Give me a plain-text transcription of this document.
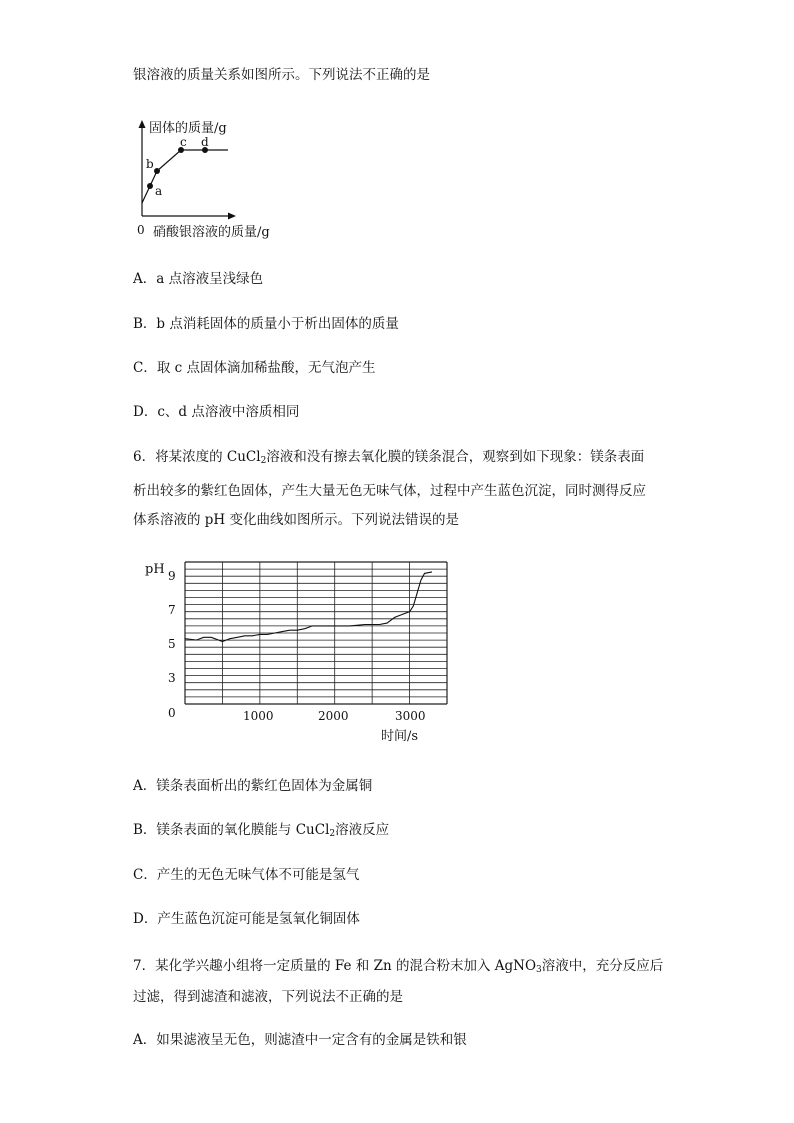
银溶液的质量关系如图所示。下列说法不正确的是
a
b
c d
固体的质量/g
0 硝酸银溶液的质量/g
A．a 点溶液呈浅绿色
B．b 点消耗固体的质量小于析出固体的质量
C．取 c 点固体滴加稀盐酸，无气泡产生
D．c、d 点溶液中溶质相同
6．将某浓度的 CuCl$_2$溶液和没有擦去氧化膜的镁条混合，观察到如下现象：镁条表面
析出较多的紫红色固体，产生大量无色无味气体，过程中产生蓝色沉淀，同时测得反应
体系溶液的 pH 变化曲线如图所示。下列说法错误的是
pH 9
7
5
3
0	1000	2000	3000
时间/s
A．镁条表面析出的紫红色固体为金属铜
B．镁条表面的氧化膜能与 CuCl$_2$溶液反应
C．产生的无色无味气体不可能是氢气
D．产生蓝色沉淀可能是氢氧化铜固体
7．某化学兴趣小组将一定质量的 Fe 和 Zn 的混合粉末加入 AgNO$_3$溶液中，充分反应后
过滤，得到滤渣和滤液，下列说法不正确的是
A．如果滤液呈无色，则滤渣中一定含有的金属是铁和银
